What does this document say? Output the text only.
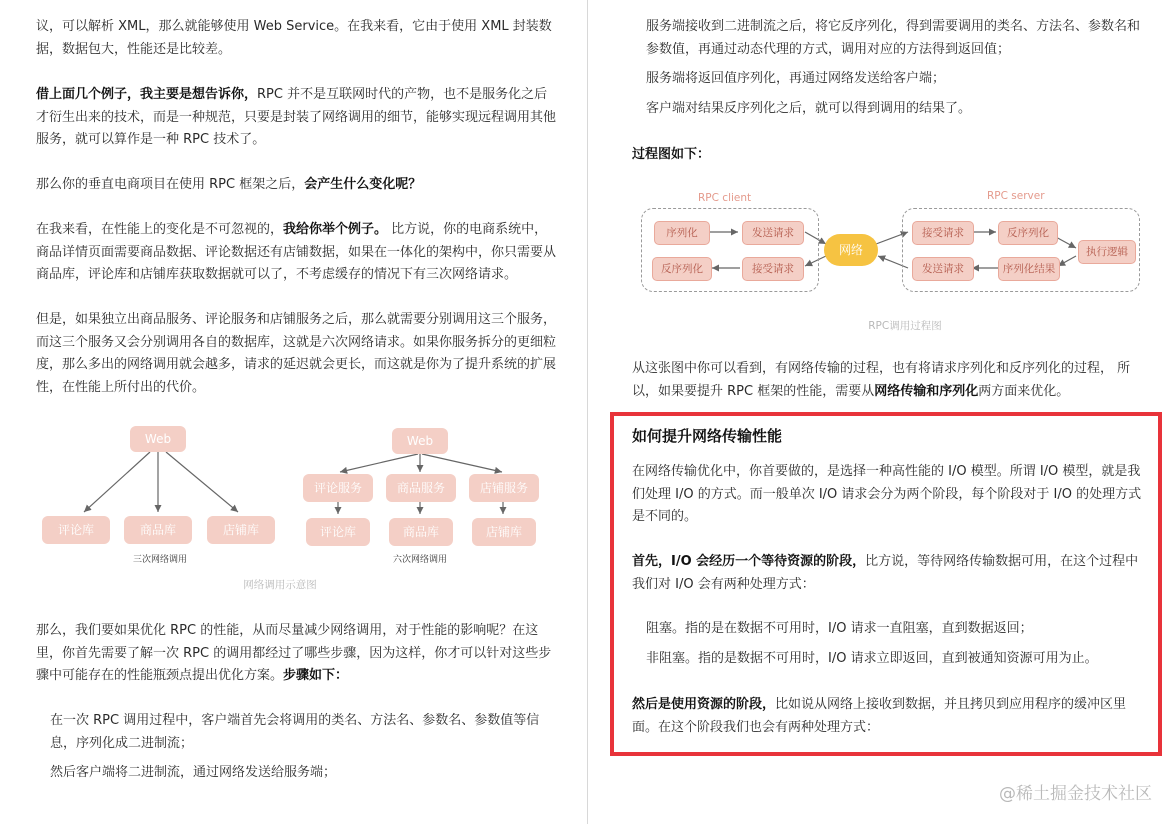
议，可以解析 XML，那么就能够使用 Web Service。在我来看，它由于使用 XML 封装数据，数据包大，性能还是比较差。

借上面几个例子，我主要是想告诉你，RPC 并不是互联网时代的产物，也不是服务化之后才衍生出来的技术，而是一种规范，只要是封装了网络调用的细节，能够实现远程调用其他服务，就可以算作是一种 RPC 技术了。

那么你的垂直电商项目在使用 RPC 框架之后，会产生什么变化呢？

在我来看，在性能上的变化是不可忽视的，我给你举个例子。 比方说，你的电商系统中，商品详情页面需要商品数据、评论数据还有店铺数据，如果在一体化的架构中，你只需要从商品库，评论库和店铺库获取数据就可以了，不考虑缓存的情况下有三次网络请求。

但是，如果独立出商品服务、评论服务和店铺服务之后，那么就需要分别调用这三个服务，而这三个服务又会分别调用各自的数据库，这就是六次网络请求。如果你服务拆分的更细粒度，那么多出的网络调用就会越多，请求的延迟就会更长，而这就是你为了提升系统的扩展性，在性能上所付出的代价。

那么，我们要如果优化 RPC 的性能，从而尽量减少网络调用，对于性能的影响呢？在这里，你首先需要了解一次 RPC 的调用都经过了哪些步骤，因为这样，你才可以针对这些步骤中可能存在的性能瓶颈点提出优化方案。步骤如下：

在一次 RPC 调用过程中，客户端首先会将调用的类名、方法名、参数名、参数值等信息，序列化成二进制流；

然后客户端将二进制流，通过网络发送给服务端；

Web
评论库	商品库	店铺库
三次网络调用
Web
评论服务	商品服务	店铺服务
评论库	商品库	店铺库
六次网络调用
网络调用示意图

服务端接收到二进制流之后，将它反序列化，得到需要调用的类名、方法名、参数名和参数值，再通过动态代理的方式，调用对应的方法得到返回值；

服务端将返回值序列化，再通过网络发送给客户端；

客户端对结果反序列化之后，就可以得到调用的结果了。

过程图如下：

从这张图中你可以看到，有网络传输的过程，也有将请求序列化和反序列化的过程， 所以，如果要提升 RPC 框架的性能，需要从网络传输和序列化两方面来优化。

RPC client	RPC server
序列化	发送请求
反序列化	接受请求
网络
接受请求	反序列化
执行逻辑
发送请求	序列化结果
RPC调用过程图
如何提升网络传输性能

在网络传输优化中，你首要做的，是选择一种高性能的 I/O 模型。所谓 I/O 模型，就是我们处理 I/O 的方式。而一般单次 I/O 请求会分为两个阶段，每个阶段对于 I/O 的处理方式是不同的。

首先，I/O 会经历一个等待资源的阶段，比方说，等待网络传输数据可用，在这个过程中我们对 I/O 会有两种处理方式：

阻塞。指的是在数据不可用时，I/O 请求一直阻塞，直到数据返回；

非阻塞。指的是数据不可用时，I/O 请求立即返回，直到被通知资源可用为止。

然后是使用资源的阶段，比如说从网络上接收到数据，并且拷贝到应用程序的缓冲区里面。在这个阶段我们也会有两种处理方式：

@稀土掘金技术社区
